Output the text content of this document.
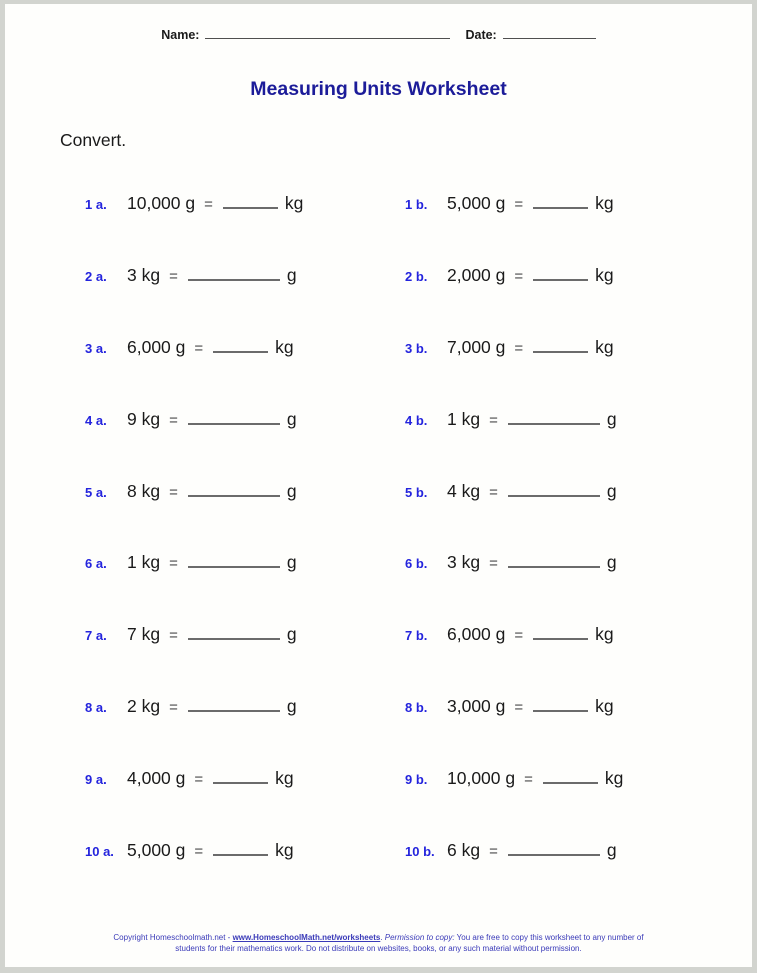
Name:	Date:
Measuring Units Worksheet
Convert.
1 a.	10,000 g =	kg	1 b.	5,000 g =	kg
2 a.	3 kg =	g	2 b.	2,000 g =	kg
3 a.	6,000 g =	kg	3 b.	7,000 g =	kg
4 a.	9 kg =	g	4 b.	1 kg =	g
5 a.	8 kg =	g	5 b.	4 kg =	g
6 a.	1 kg =	g	6 b.	3 kg =	g
7 a.	7 kg =	g	7 b.	6,000 g =	kg
8 a.	2 kg =	g	8 b.	3,000 g =	kg
9 a.	4,000 g =	kg	9 b.	10,000 g =	kg
10 a. 5,000 g =	kg	10 b. 6 kg =	g
Copyright Homeschoolmath.net - www.HomeschoolMath.net/worksheets. Permission to copy: You are free to copy this worksheet to any number of students for their mathematics work. Do not distribute on websites, books, or any such material without permission.
